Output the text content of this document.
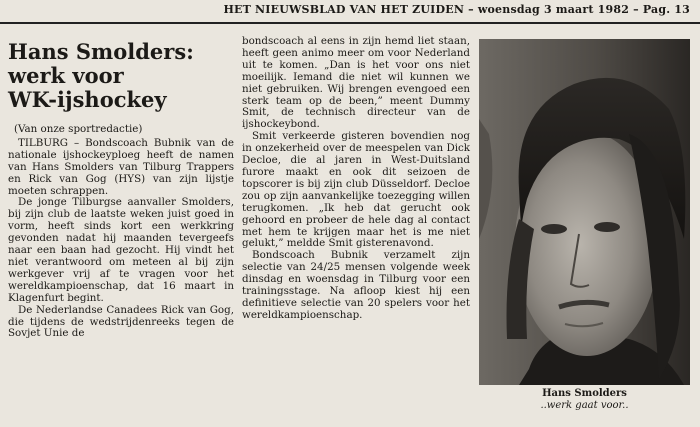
HET NIEUWSBLAD VAN HET ZUIDEN – woensdag 3 maart 1982 – Pag. 13
Hans Smolders:
werk voor
WK-ijshockey
(Van onze sportredactie)

TILBURG – Bondscoach Bubnik van de nationale ijshockeyploeg heeft de namen van Hans Smolders van Tilburg Trappers en Rick van Gog (HYS) van zijn lijstje moeten schrappen.

De jonge Tilburgse aanvaller Smolders, bij zijn club de laatste weken juist goed in vorm, heeft sinds kort een werkkring gevonden nadat hij maanden tevergeefs naar een baan had gezocht. Hij vindt het niet verantwoord om meteen al bij zijn werkgever vrij af te vragen voor het wereldkampioenschap, dat 16 maart in Klagenfurt begint.

De Nederlandse Canadees Rick van Gog, die tijdens de wedstrijdenreeks tegen de Sovjet Unie de

bondscoach al eens in zijn hemd liet staan, heeft geen animo meer om voor Nederland uit te komen. „Dan is het voor ons niet moeilijk. Iemand die niet wil kunnen we niet gebruiken. Wij brengen evengoed een sterk team op de been,” meent Dummy Smit, de technisch directeur van de ijshockeybond.

Smit verkeerde gisteren bovendien nog in onzekerheid over de meespelen van Dick Decloe, die al jaren in West-Duitsland furore maakt en ook dit seizoen de topscorer is bij zijn club Düsseldorf. Decloe zou op zijn aanvankelijke toezegging willen terugkomen. „Ik heb dat gerucht ook gehoord en probeer de hele dag al contact met hem te krijgen maar het is me niet gelukt,” meldde Smit gisterenavond.

Bondscoach Bubnik verzamelt zijn selectie van 24/25 mensen volgende week dinsdag en woensdag in Tilburg voor een trainingsstage. Na afloop kiest hij een definitieve selectie van 20 spelers voor het wereldkampioenschap.

Hans Smolders
..werk gaat voor..
